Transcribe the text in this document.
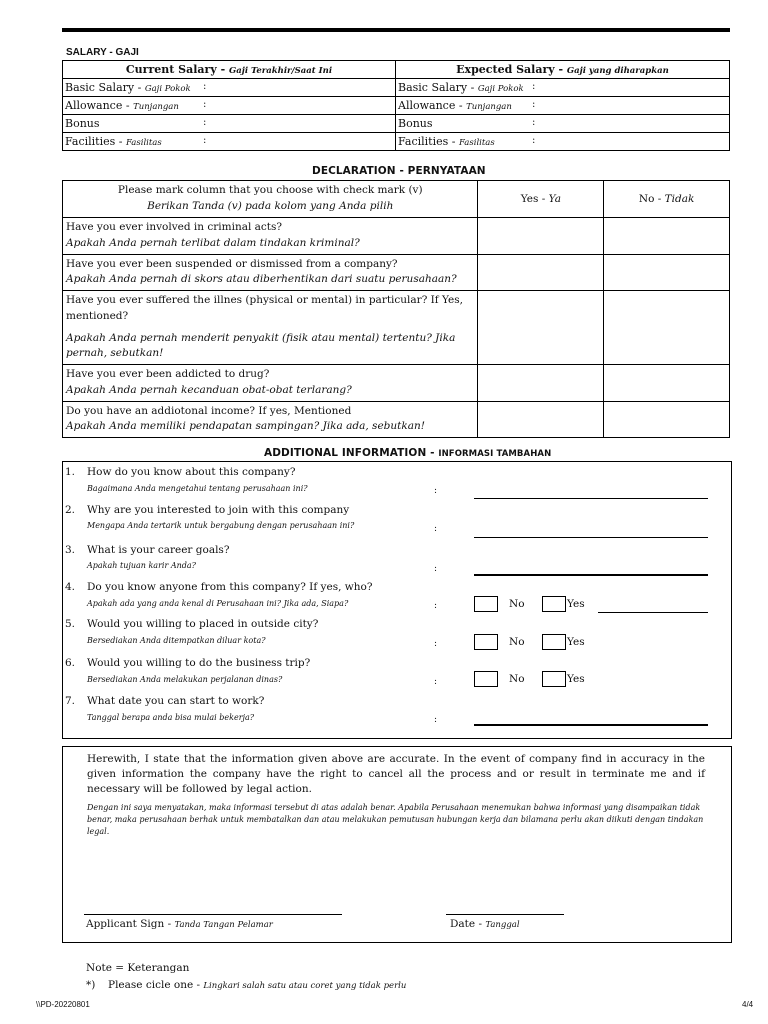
SALARY - GAJI
Current Salary - Gaji Terakhir/Saat Ini	Expected Salary - Gaji yang diharapkan
Basic Salary - Gaji Pokok :	Basic Salary - Gaji Pokok :

Allowance - Tunjangan :	Allowance - Tunjangan :

Bonus :	Bonus :

Facilities - Fasilitas :	Facilities - Fasilitas :
DECLARATION - PERNYATAAN
Please mark column that you choose with check mark (v)
Berikan Tanda (v) pada kolom yang Anda pilih	Yes - Ya	No - Tidak

Have you ever involved in criminal acts?
Apakah Anda pernah terlibat dalam tindakan kriminal?		

Have you ever been suspended or dismissed from a company?
Apakah Anda pernah di skors atau diberhentikan dari suatu perusahaan?		

Have you ever suffered the illnes (physical or mental) in particular? If Yes, mentioned?
Apakah Anda pernah menderit penyakit (fisik atau mental) tertentu? Jika pernah, sebutkan!		

Have you ever been addicted to drug?
Apakah Anda pernah kecanduan obat-obat terlarang?		

Do you have an addiotonal income? If yes, Mentioned
Apakah Anda memiliki pendapatan sampingan? Jika ada, sebutkan!		

ADDITIONAL INFORMATION - INFORMASI TAMBAHAN
1. How do you know about this company?
Bagaimana Anda mengetahui tentang perusahaan ini?	:
2. Why are you interested to join with this company
Mengapa Anda tertarik untuk bergabung dengan perusahaan ini?	:
3. What is your career goals?
Apakah tujuan karir Anda?	:
4. Do you know anyone from this company? If yes, who?
Apakah ada yang anda kenal di Perusahaan ini? Jika ada, Siapa?	:	No	Yes
5. Would you willing to placed in outside city?
Bersediakan Anda ditempatkan diluar kota?	:	No	Yes
6. Would you willing to do the business trip?
Bersediakan Anda melakukan perjalanan dinas?	:	No	Yes
7. What date you can start to work?
Tanggal berapa anda bisa mulai bekerja?	:
Herewith, I state that the information given above are accurate. In the event of company find in accuracy in the given information the company have the right to cancel all the process and or result in terminate me and if necessary will be followed by legal action.
Dengan ini saya menyatakan, maka informasi tersebut di atas adalah benar. Apabila Perusahaan menemukan bahwa informasi yang disampaikan tidak benar, maka perusahaan berhak untuk membatalkan dan atau melakukan pemutusan hubungan kerja dan bilamana perlu akan diikuti dengan tindakan legal.
Applicant Sign - Tanda Tangan Pelamar	Date - Tanggal
Note = Keterangan
*) Please cicle one - Lingkari salah satu atau coret yang tidak perlu
\\PD-20220801	4/4
